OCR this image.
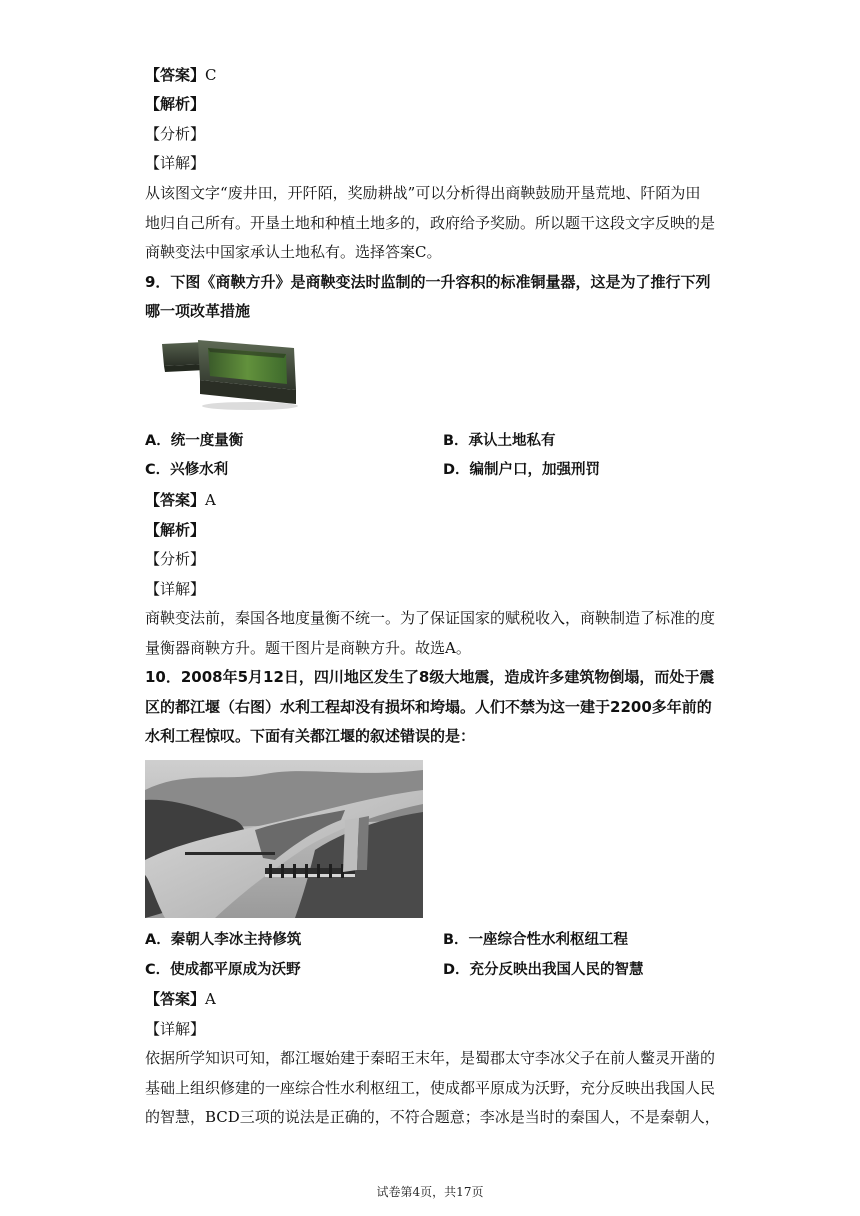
【答案】C
【解析】
【分析】
【详解】
从该图文字“废井田，开阡陌，奖励耕战”可以分析得出商鞅鼓励开垦荒地、阡陌为田
地归自己所有。开垦土地和种植土地多的，政府给予奖励。所以题干这段文字反映的是
商鞅变法中国家承认土地私有。选择答案C。
9．下图《商鞅方升》是商鞅变法时监制的一升容积的标准铜量器，这是为了推行下列
哪一项改革措施
A．统一度量衡	B．承认土地私有
C．兴修水利	D．编制户口，加强刑罚
【答案】A
【解析】
【分析】
【详解】
商鞅变法前，秦国各地度量衡不统一。为了保证国家的赋税收入，商鞅制造了标准的度
量衡器商鞅方升。题干图片是商鞅方升。故选A。
10．2008年5月12日，四川地区发生了8级大地震，造成许多建筑物倒塌，而处于震
区的都江堰（右图）水利工程却没有损坏和垮塌。人们不禁为这一建于2200多年前的
水利工程惊叹。下面有关都江堰的叙述错误的是：
A．秦朝人李冰主持修筑	B．一座综合性水利枢纽工程
C．使成都平原成为沃野	D．充分反映出我国人民的智慧
【答案】A
【详解】
依据所学知识可知，都江堰始建于秦昭王末年，是蜀郡太守李冰父子在前人鳖灵开凿的
基础上组织修建的一座综合性水利枢纽工，使成都平原成为沃野，充分反映出我国人民
的智慧，BCD三项的说法是正确的，不符合题意；李冰是当时的秦国人，不是秦朝人，
试卷第4页，共17页
